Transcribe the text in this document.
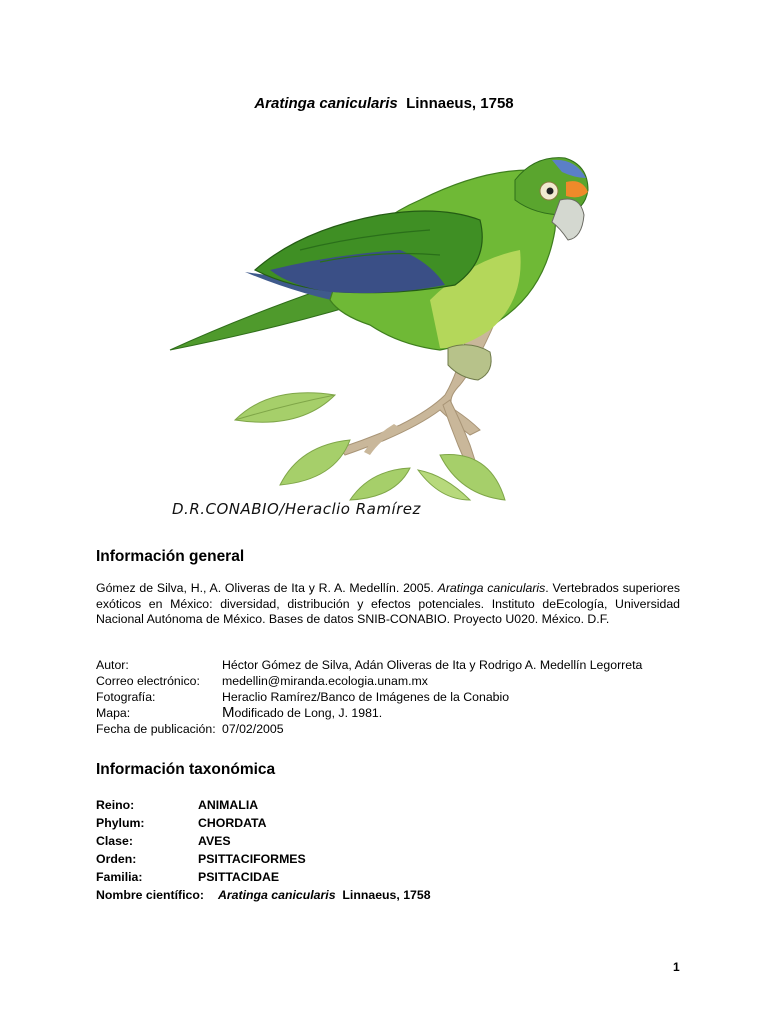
Aratinga canicularis Linnaeus, 1758
D.R.CONABIO/Heraclio Ramírez
Información general
Gómez de Silva, H., A. Oliveras de Ita y R. A. Medellín. 2005. Aratinga canicularis. Vertebrados superiores exóticos en México: diversidad, distribución y efectos potenciales. Instituto deEcología, Universidad Nacional Autónoma de México. Bases de datos SNIB-CONABIO. Proyecto U020. México. D.F.
Autor:	Héctor Gómez de Silva, Adán Oliveras de Ita y Rodrigo A. Medellín Legorreta
Correo electrónico:	medellin@miranda.ecologia.unam.mx
Fotografía:	Heraclio Ramírez/Banco de Imágenes de la Conabio
Mapa:	Modificado de Long, J. 1981.
Fecha de publicación: 07/02/2005
Información taxonómica
Reino:	ANIMALIA
Phylum:	CHORDATA
Clase:	AVES
Orden:	PSITTACIFORMES
Familia:	PSITTACIDAE
Nombre científico:	Aratinga canicularis Linnaeus, 1758
1
